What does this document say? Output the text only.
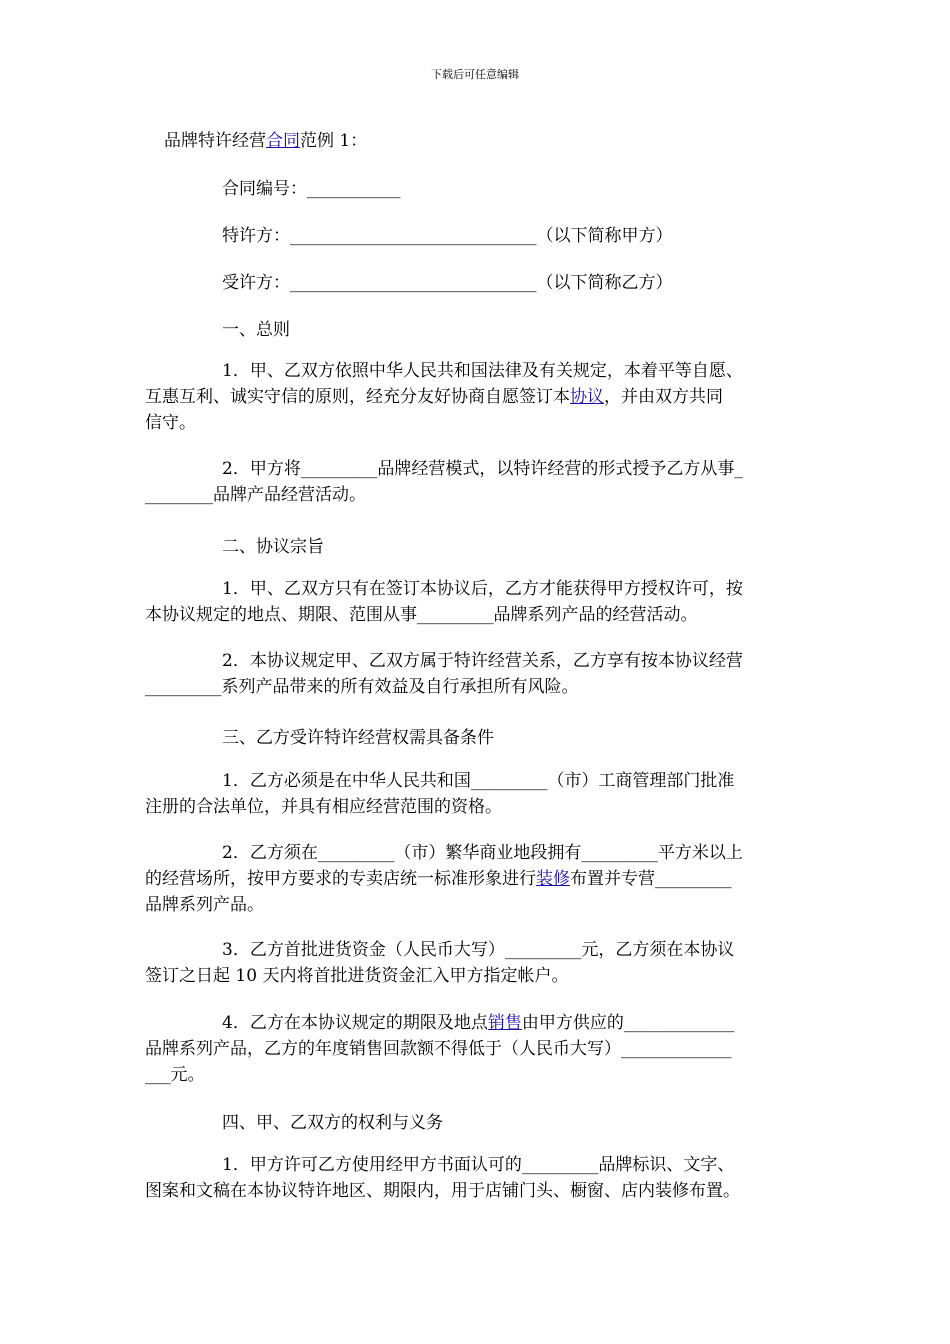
下载后可任意编辑
品牌特许经营合同范例 1：
合同编号：___________
特许方：_____________________________（以下简称甲方）
受许方：_____________________________（以下简称乙方）
一、总则
1．甲、乙双方依照中华人民共和国法律及有关规定，本着平等自愿、
互惠互利、诚实守信的原则，经充分友好协商自愿签订本协议，并由双方共同
信守。
2．甲方将_________品牌经营模式，以特许经营的形式授予乙方从事_
________品牌产品经营活动。
二、协议宗旨
1．甲、乙双方只有在签订本协议后，乙方才能获得甲方授权许可，按
本协议规定的地点、期限、范围从事_________品牌系列产品的经营活动。
2．本协议规定甲、乙双方属于特许经营关系，乙方享有按本协议经营
_________系列产品带来的所有效益及自行承担所有风险。
三、乙方受许特许经营权需具备条件
1．乙方必须是在中华人民共和国_________（市）工商管理部门批准
注册的合法单位，并具有相应经营范围的资格。
2．乙方须在_________（市）繁华商业地段拥有_________平方米以上
的经营场所，按甲方要求的专卖店统一标准形象进行装修布置并专营_________
品牌系列产品。
3．乙方首批进货资金（人民币大写）_________元，乙方须在本协议
签订之日起 10 天内将首批进货资金汇入甲方指定帐户。
4．乙方在本协议规定的期限及地点销售由甲方供应的_____________
品牌系列产品，乙方的年度销售回款额不得低于（人民币大写）_____________
___元。
四、甲、乙双方的权利与义务
1．甲方许可乙方使用经甲方书面认可的_________品牌标识、文字、
图案和文稿在本协议特许地区、期限内，用于店铺门头、橱窗、店内装修布置。
